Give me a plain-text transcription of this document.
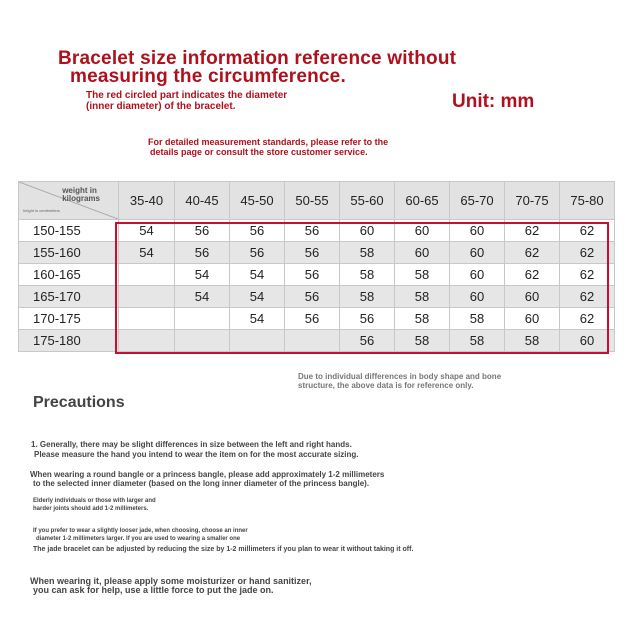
Bracelet size information reference without
measuring the circumference.
The red circled part indicates the diameter
(inner diameter) of the bracelet.	Unit: mm
For detailed measurement standards, please refer to the
details page or consult the store customer service.
weight in
kilograms
height in centimeters	35-40	40-45	45-50	50-55	55-60	60-65	65-70	70-75	75-80
150-155	54	56	56	56	60	60	60	62	62
155-160	54	56	56	56	58	60	60	62	62
160-165		54	54	56	58	58	60	62	62
165-170		54	54	56	58	58	60	60	62
170-175			54	56	56	58	58	60	62
175-180					56	58	58	58	60
Due to individual differences in body shape and bone
structure, the above data is for reference only.
Precautions
1. Generally, there may be slight differences in size between the left and right hands.
Please measure the hand you intend to wear the item on for the most accurate sizing.
When wearing a round bangle or a princess bangle, please add approximately 1-2 millimeters
to the selected inner diameter (based on the long inner diameter of the princess bangle).
Elderly individuals or those with larger and
harder joints should add 1-2 millimeters.
If you prefer to wear a slightly looser jade, when choosing, choose an inner
diameter 1-2 millimeters larger. If you are used to wearing a smaller one
The jade bracelet can be adjusted by reducing the size by 1-2 millimeters if you plan to wear it without taking it off.
When wearing it, please apply some moisturizer or hand sanitizer,
you can ask for help, use a little force to put the jade on.
